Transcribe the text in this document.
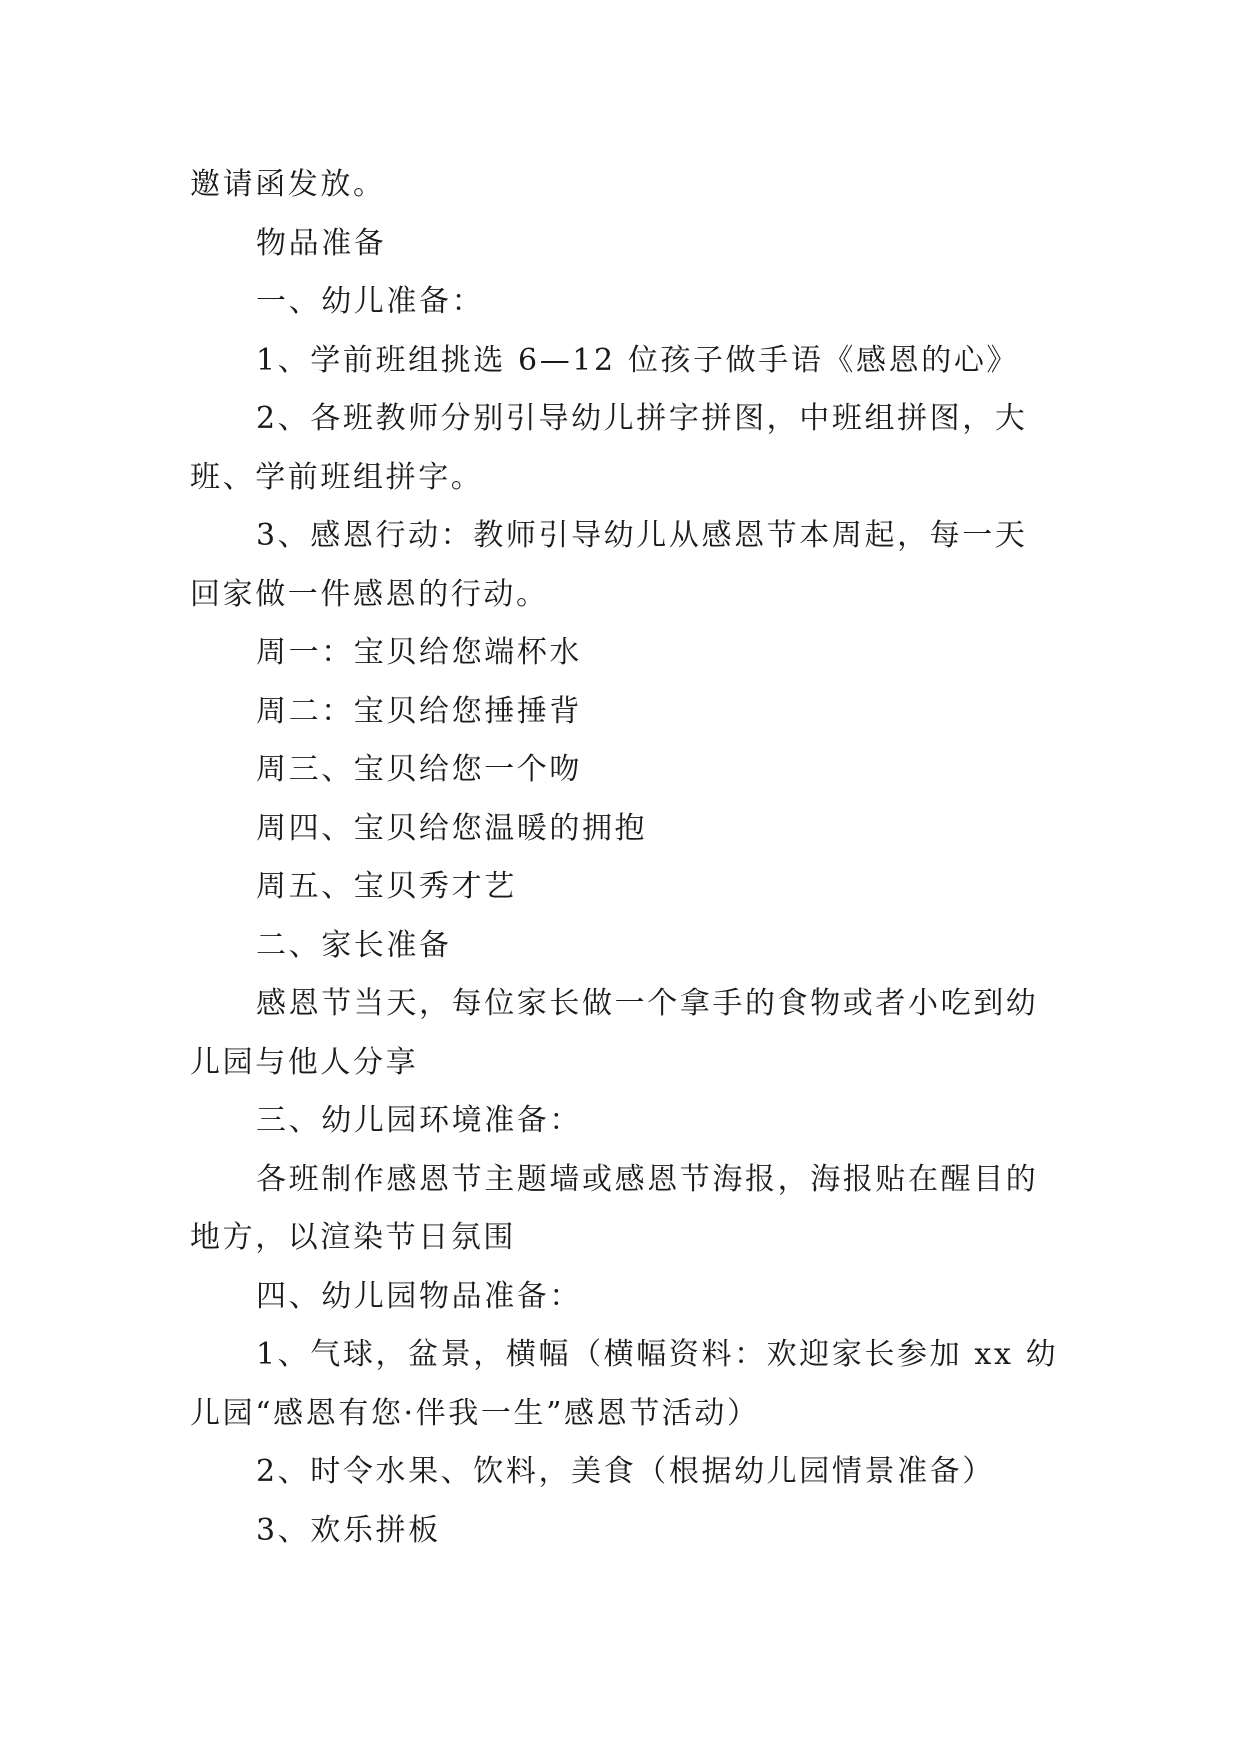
邀请函发放。
物品准备
一、幼儿准备：
1、学前班组挑选 6—12 位孩子做手语《感恩的心》
2、各班教师分别引导幼儿拼字拼图，中班组拼图，大
班、学前班组拼字。
3、感恩行动：教师引导幼儿从感恩节本周起，每一天
回家做一件感恩的行动。
周一：宝贝给您端杯水
周二：宝贝给您捶捶背
周三、宝贝给您一个吻
周四、宝贝给您温暖的拥抱
周五、宝贝秀才艺
二、家长准备
感恩节当天，每位家长做一个拿手的食物或者小吃到幼
儿园与他人分享
三、幼儿园环境准备：
各班制作感恩节主题墙或感恩节海报，海报贴在醒目的
地方，以渲染节日氛围
四、幼儿园物品准备：
1、气球，盆景，横幅（横幅资料：欢迎家长参加 xx 幼
儿园“感恩有您·伴我一生”感恩节活动）
2、时令水果、饮料，美食（根据幼儿园情景准备）
3、欢乐拼板
